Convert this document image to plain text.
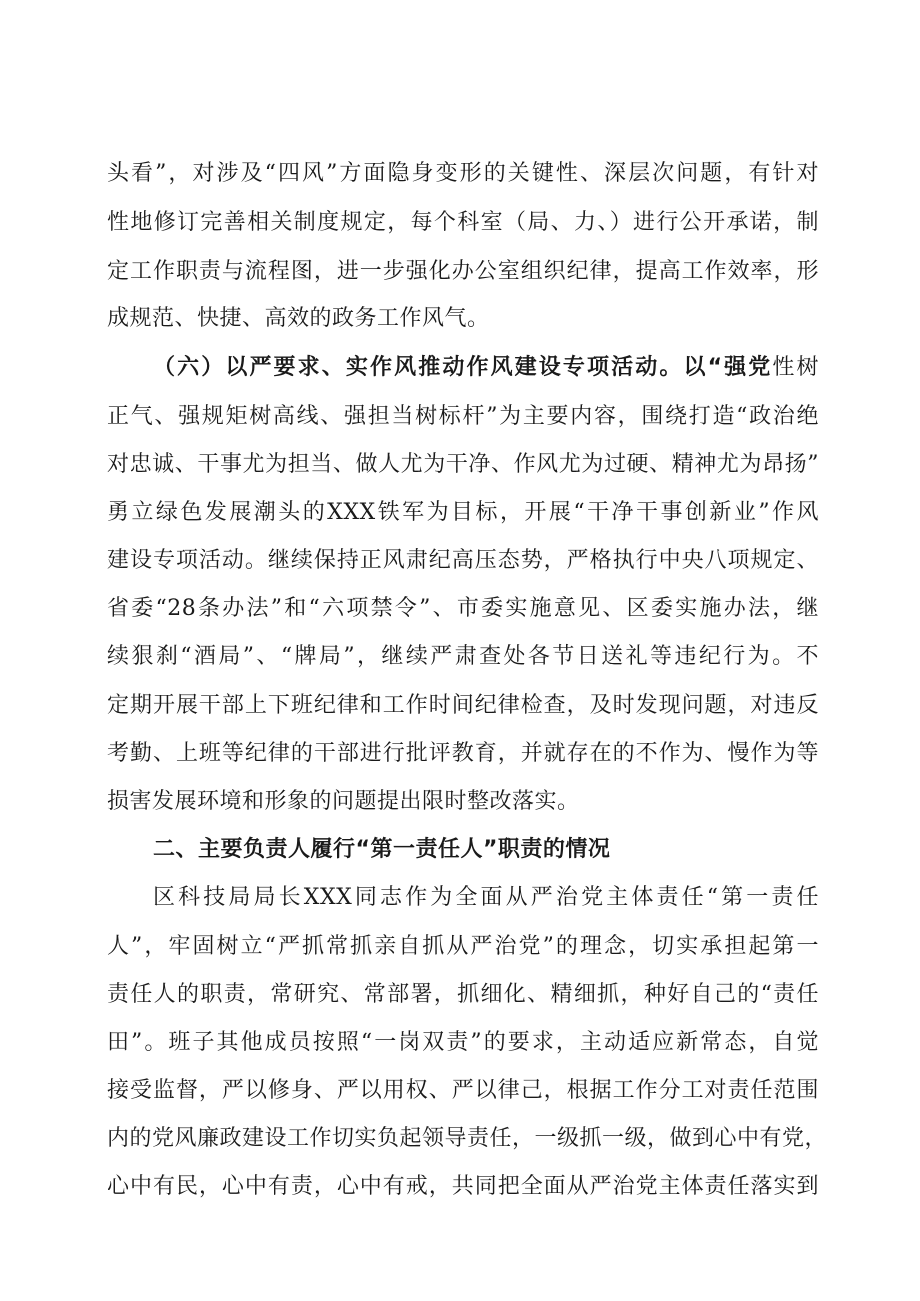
头看”，对涉及“四风”方面隐身变形的关键性、深层次问题，有针对
性地修订完善相关制度规定，每个科室（局、力、）进行公开承诺，制
定工作职责与流程图，进一步强化办公室组织纪律，提高工作效率，形
成规范、快捷、高效的政务工作风气。
（六）以严要求、实作风推动作风建设专项活动。以“强党性树
正气、强规矩树高线、强担当树标杆”为主要内容，围绕打造“政治绝
对忠诚、干事尤为担当、做人尤为干净、作风尤为过硬、精神尤为昂扬”
勇立绿色发展潮头的XXX铁军为目标，开展“干净干事创新业”作风
建设专项活动。继续保持正风肃纪高压态势，严格执行中央八项规定、
省委“28条办法”和“六项禁令”、市委实施意见、区委实施办法，继
续狠刹“酒局”、“牌局”，继续严肃查处各节日送礼等违纪行为。不
定期开展干部上下班纪律和工作时间纪律检查，及时发现问题，对违反
考勤、上班等纪律的干部进行批评教育，并就存在的不作为、慢作为等
损害发展环境和形象的问题提出限时整改落实。
二、主要负责人履行“第一责任人”职责的情况
区科技局局长XXX同志作为全面从严治党主体责任“第一责任
人”，牢固树立“严抓常抓亲自抓从严治党”的理念，切实承担起第一
责任人的职责，常研究、常部署，抓细化、精细抓，种好自己的“责任
田”。班子其他成员按照“一岗双责”的要求，主动适应新常态，自觉
接受监督，严以修身、严以用权、严以律己，根据工作分工对责任范围
内的党风廉政建设工作切实负起领导责任，一级抓一级，做到心中有党，
心中有民，心中有责，心中有戒，共同把全面从严治党主体责任落实到
